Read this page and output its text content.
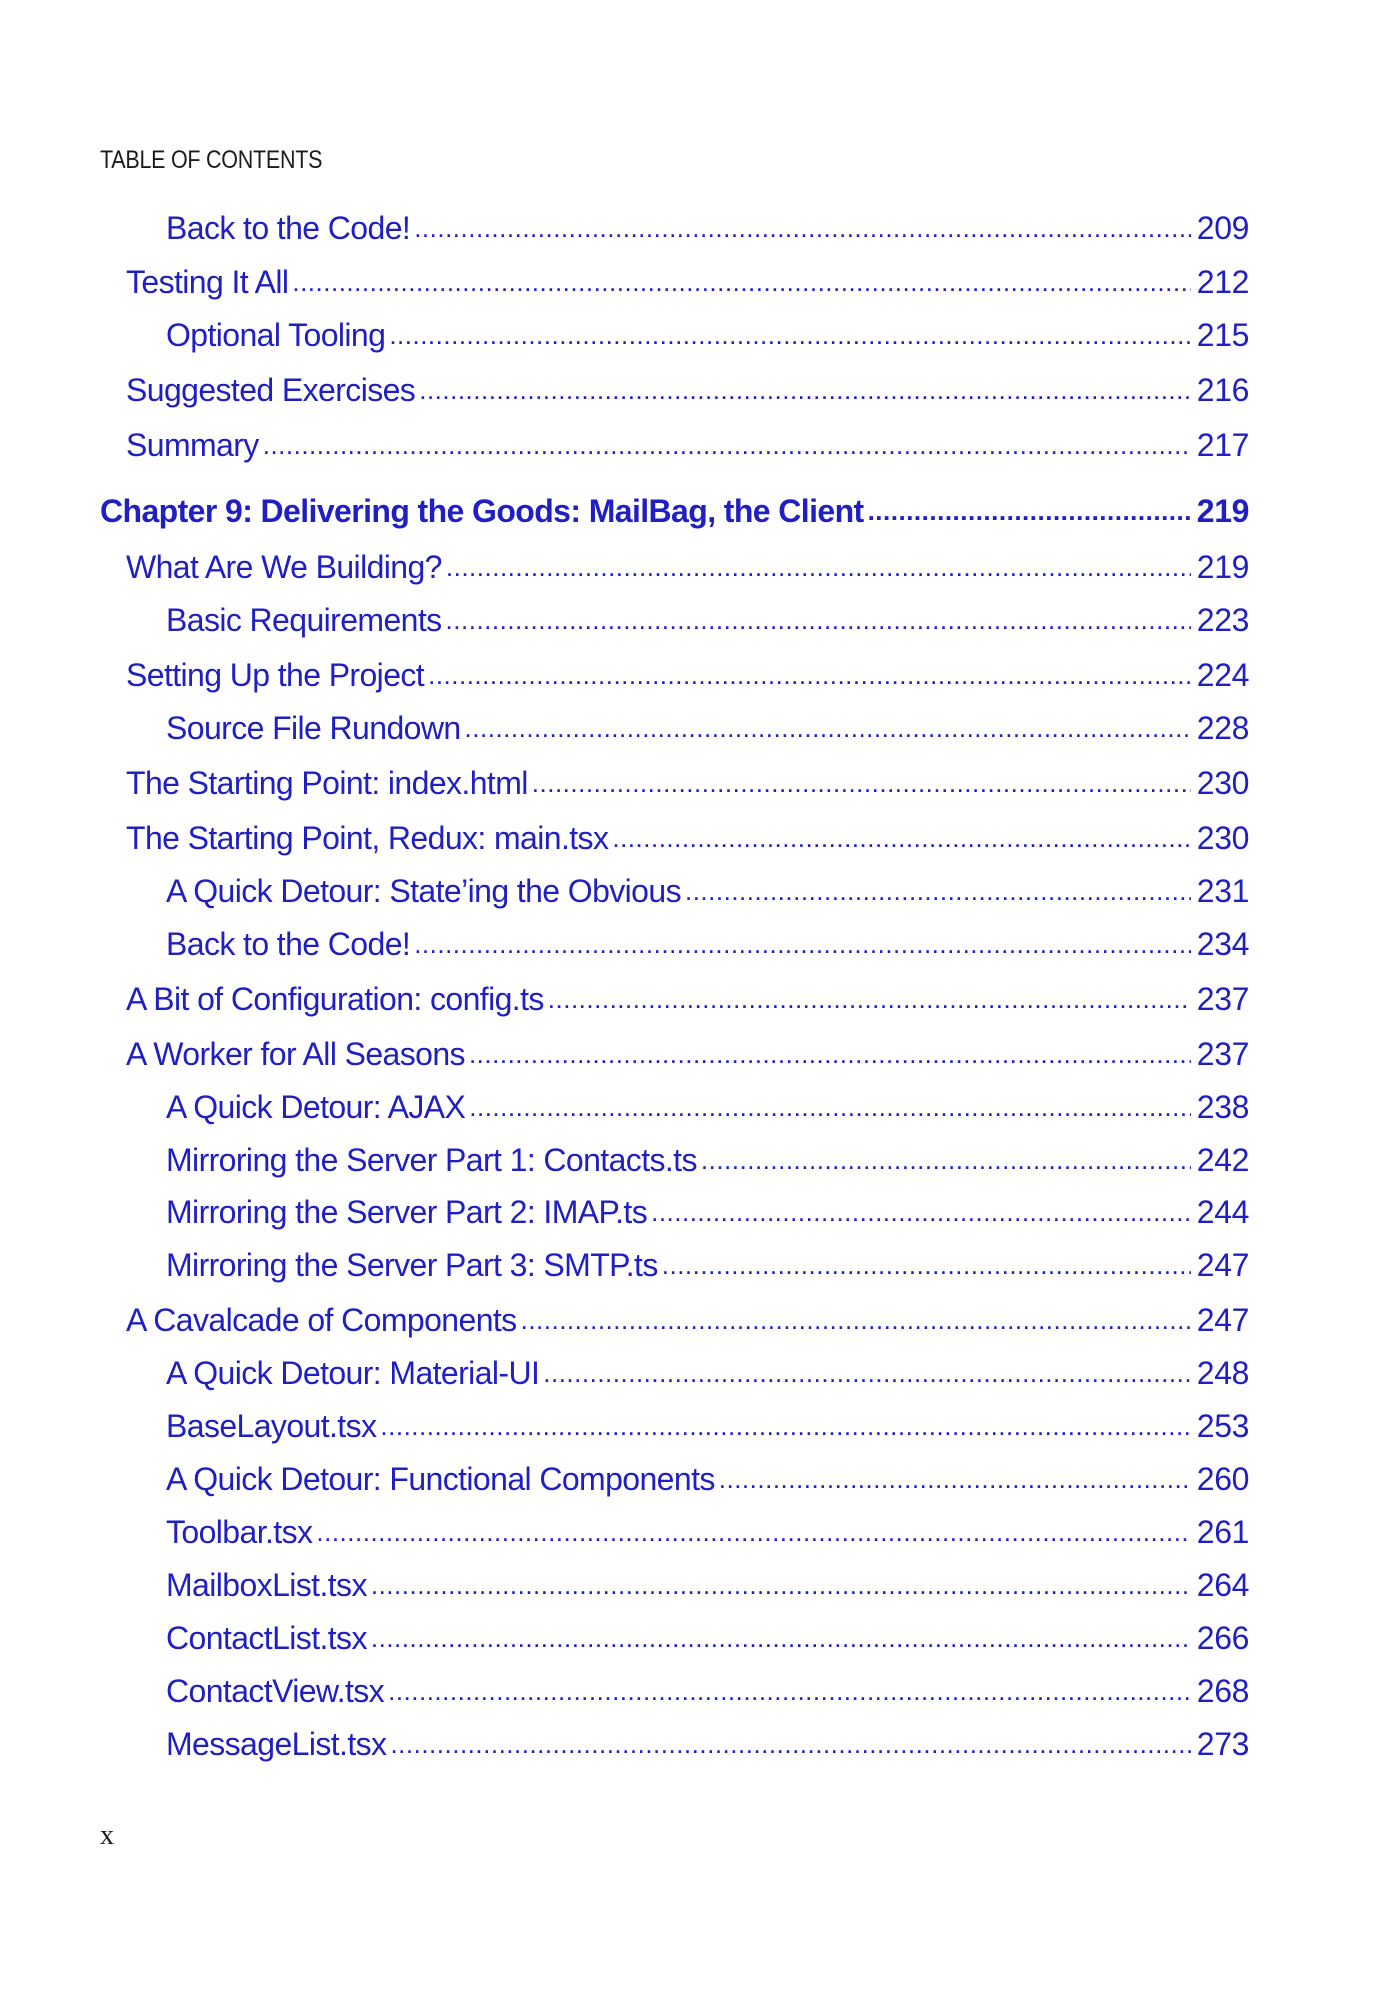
TABLE OF CONTENTS
Back to the Code! .....	209
Testing It All .....	212
Optional Tooling .....	215
Suggested Exercises .....	216
Summary .....	217
Chapter 9: Delivering the Goods: MailBag, the Client .....	219
What Are We Building? .....	219
Basic Requirements .....	223
Setting Up the Project .....	224
Source File Rundown .....	228
The Starting Point: index.html .....	230
The Starting Point, Redux: main.tsx .....	230
A Quick Detour: State’ing the Obvious .....	231
Back to the Code! .....	234
A Bit of Configuration: config.ts .....	237
A Worker for All Seasons .....	237
A Quick Detour: AJAX .....	238
Mirroring the Server Part 1: Contacts.ts .....	242
Mirroring the Server Part 2: IMAP.ts .....	244
Mirroring the Server Part 3: SMTP.ts .....	247
A Cavalcade of Components .....	247
A Quick Detour: Material-UI .....	248
BaseLayout.tsx .....	253
A Quick Detour: Functional Components .....	260
Toolbar.tsx .....	261
MailboxList.tsx .....	264
ContactList.tsx .....	266
ContactView.tsx .....	268
MessageList.tsx .....	273
x
